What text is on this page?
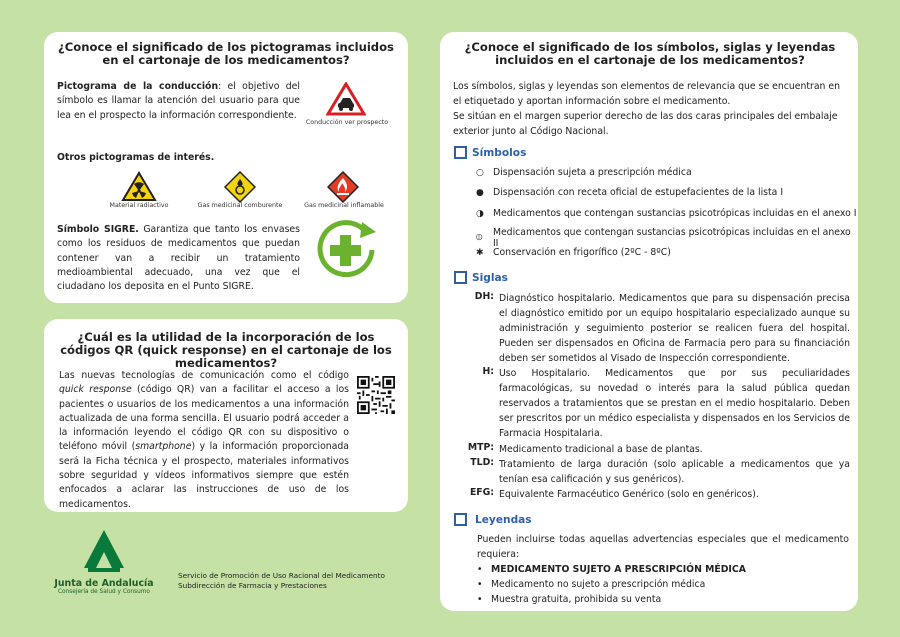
¿Conoce el significado de los pictogramas incluidos en el cartonaje de los medicamentos?
Pictograma de la conducción: el objetivo del símbolo es llamar la atención del usuario para que lea en el prospecto la información correspondiente.
Conducción ver prospecto
Otros pictogramas de interés.
Material radiactivo	Gas medicinal comburente	Gas medicinal inflamable
Símbolo SIGRE. Garantiza que tanto los envases como los residuos de medicamentos que puedan contener van a recibir un tratamiento medioambiental adecuado, una vez que el ciudadano los deposita en el Punto SIGRE.
¿Cuál es la utilidad de la incorporación de los códigos QR (quick response) en el cartonaje de los medicamentos?
Las nuevas tecnologías de comunicación como el código quick response (código QR) van a facilitar el acceso a los pacientes o usuarios de los medicamentos a una información actualizada de una forma sencilla. El usuario podrá acceder a la información leyendo el código QR con su dispositivo o teléfono móvil (smartphone) y la información proporcionada será la Ficha técnica y el prospecto, materiales informativos sobre seguridad y vídeos informativos siempre que estén enfocados a aclarar las instrucciones de uso de los medicamentos.
¿Conoce el significado de los símbolos, siglas y leyendas incluidos en el cartonaje de los medicamentos?
Los símbolos, siglas y leyendas son elementos de relevancia que se encuentran en el etiquetado y aportan información sobre el medicamento.
Se sitúan en el margen superior derecho de las dos caras principales del embalaje exterior junto al Código Nacional.
Símbolos
○ Dispensación sujeta a prescripción médica
● Dispensación con receta oficial de estupefacientes de la lista I
◑ Medicamentos que contengan sustancias psicotrópicas incluidas en el anexo I
⦶	Medicamentos que contengan sustancias psicotrópicas incluidas en el anexo II
✱	Conservación en frigorífico (2ºC - 8ºC)
Siglas
DH: Diagnóstico hospitalario. Medicamentos que para su dispensación precisa el diagnóstico emitido por un equipo hospitalario especializado aunque su administración y seguimiento posterior se realicen fuera del hospital. Pueden ser dispensados en Oficina de Farmacia pero para su financiación deben ser sometidos al Visado de Inspección correspondiente.
H: Uso Hospitalario. Medicamentos que por sus peculiaridades farmacológicas, su novedad o interés para la salud pública quedan reservados a tratamientos que se prestan en el medio hospitalario. Deben ser prescritos por un médico especialista y dispensados en los Servicios de Farmacia Hospitalaria.
MTP: Medicamento tradicional a base de plantas.
TLD: Tratamiento de larga duración (solo aplicable a medicamentos que ya tenían esa calificación y sus genéricos).
EFG: Equivalente Farmacéutico Genérico (solo en genéricos).
Leyendas
Pueden incluirse todas aquellas advertencias especiales que el medicamento requiera:
• MEDICAMENTO SUJETO A PRESCRIPCIÓN MÉDICA
• Medicamento no sujeto a prescripción médica
• Muestra gratuita, prohibida su venta
Junta de Andalucía
Consejería de Salud y Consumo
Servicio de Promoción de Uso Racional del Medicamento
Subdirección de Farmacia y Prestaciones
